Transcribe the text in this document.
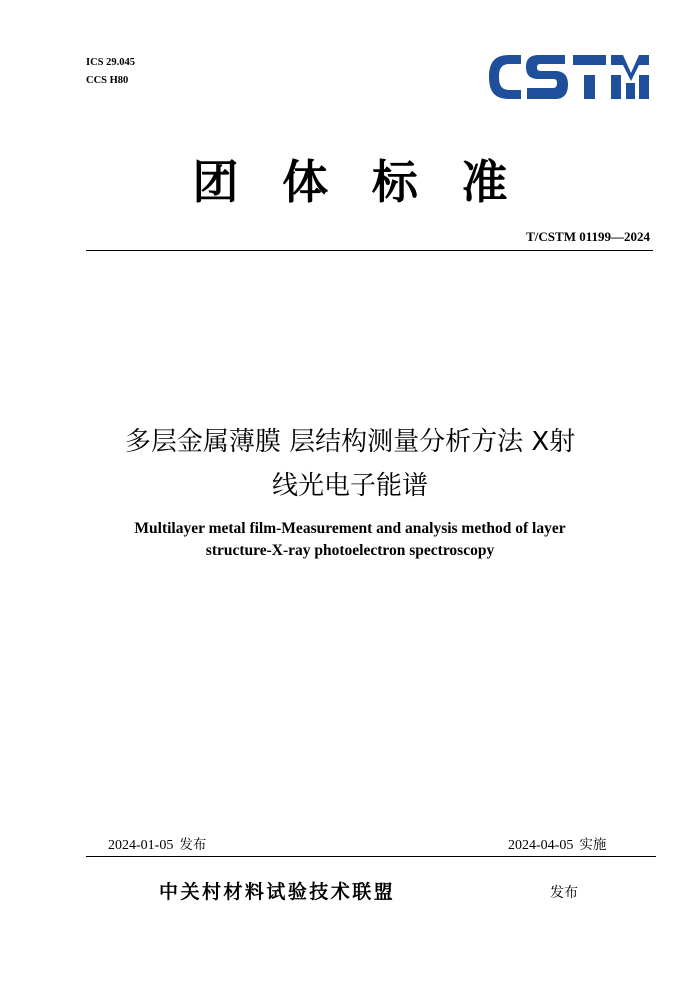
ICS 29.045
CCS H80
团体标准
T/CSTM 01199—2024
多层金属薄膜 层结构测量分析方法 X射
线光电子能谱
Multilayer metal film-Measurement and analysis method of layer
structure-X-ray photoelectron spectroscopy
2024-01-05 发布	2024-04-05 实施
中关村材料试验技术联盟	发布
